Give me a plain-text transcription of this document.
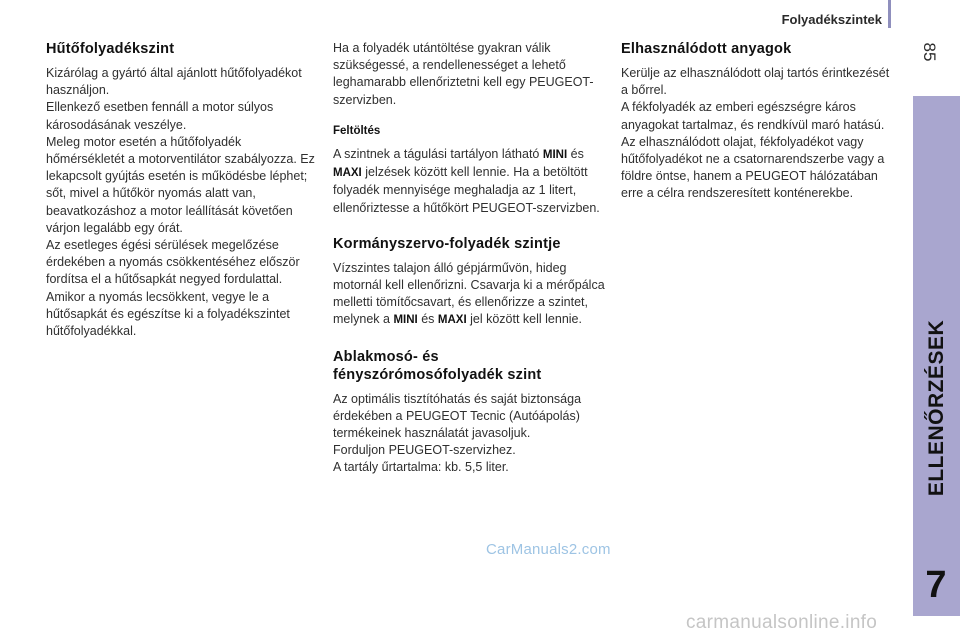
Folyadékszintek
85
ELLENŐRZÉSEK
7
Hűtőfolyadékszint

Kizárólag a gyártó által ajánlott hűtőfolyadékot használjon.
Ellenkező esetben fennáll a motor súlyos károsodásának veszélye.
Meleg motor esetén a hűtőfolyadék hőmérsékletét a motorventilátor szabályozza. Ez lekapcsolt gyújtás esetén is működésbe léphet; sőt, mivel a hűtőkör nyomás alatt van, beavatkozáshoz a motor leállítását követően várjon legalább egy órát.
Az esetleges égési sérülések megelőzése érdekében a nyomás csökkentéséhez először fordítsa el a hűtősapkát negyed fordulattal. Amikor a nyomás lecsökkent, vegye le a hűtősapkát és egészítse ki a folyadékszintet hűtőfolyadékkal.

Ha a folyadék utántöltése gyakran válik szükségessé, a rendellenességet a lehető leghamarabb ellenőriztetni kell egy PEUGEOT-szervizben.

Feltöltés

A szintnek a tágulási tartályon látható MINI és MAXI jelzések között kell lennie. Ha a betöltött folyadék mennyisége meghaladja az 1 litert, ellenőriztesse a hűtőkört PEUGEOT-szervizben.

Kormányszervo-folyadék szintje

Vízszintes talajon álló gépjárművön, hideg motornál kell ellenőrizni. Csavarja ki a mérőpálca melletti tömítőcsavart, és ellenőrizze a szintet, melynek a MINI és MAXI jel között kell lennie.

Ablakmosó- és fényszórómosófolyadék szint

Az optimális tisztítóhatás és saját biztonsága érdekében a PEUGEOT Tecnic (Autóápolás) termékeinek használatát javasoljuk.
Forduljon PEUGEOT-szervizhez.
A tartály űrtartalma: kb. 5,5 liter.

Elhasználódott anyagok

Kerülje az elhasználódott olaj tartós érintkezését a bőrrel.
A fékfolyadék az emberi egészségre káros anyagokat tartalmaz, és rendkívül maró hatású.
Az elhasználódott olajat, fékfolyadékot vagy hűtőfolyadékot ne a csatornarendszerbe vagy a földre öntse, hanem a PEUGEOT hálózatában erre a célra rendszeresített konténerekbe.

CarManuals2.com
carmanualsonline.info
